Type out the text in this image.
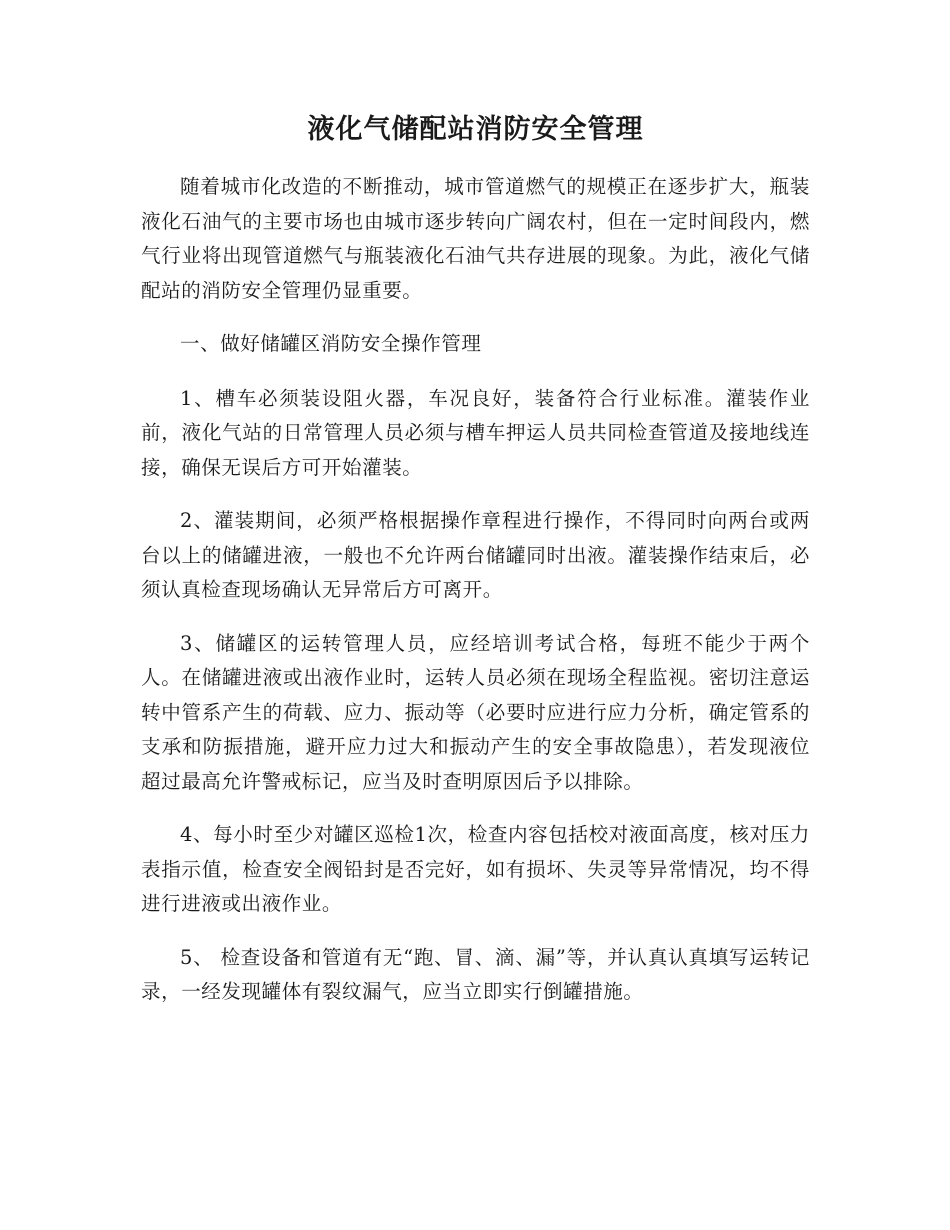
液化气储配站消防安全管理

随着城市化改造的不断推动，城市管道燃气的规模正在逐步扩大，瓶装液化石油气的主要市场也由城市逐步转向广阔农村，但在一定时间段内，燃气行业将出现管道燃气与瓶装液化石油气共存进展的现象。为此，液化气储配站的消防安全管理仍显重要。

一、做好储罐区消防安全操作管理

1、槽车必须装设阻火器，车况良好，装备符合行业标准。灌装作业前，液化气站的日常管理人员必须与槽车押运人员共同检查管道及接地线连接，确保无误后方可开始灌装。

2、灌装期间，必须严格根据操作章程进行操作，不得同时向两台或两台以上的储罐进液，一般也不允许两台储罐同时出液。灌装操作结束后，必须认真检查现场确认无异常后方可离开。

3、储罐区的运转管理人员，应经培训考试合格，每班不能少于两个人。在储罐进液或出液作业时，运转人员必须在现场全程监视。密切注意运转中管系产生的荷载、应力、振动等（必要时应进行应力分析，确定管系的支承和防振措施，避开应力过大和振动产生的安全事故隐患），若发现液位超过最高允许警戒标记，应当及时查明原因后予以排除。

4、每小时至少对罐区巡检1次，检查内容包括校对液面高度，核对压力表指示值，检查安全阀铅封是否完好，如有损坏、失灵等异常情况，均不得进行进液或出液作业。

5、 检查设备和管道有无“跑、冒、滴、漏”等，并认真认真填写运转记录，一经发现罐体有裂纹漏气，应当立即实行倒罐措施。
